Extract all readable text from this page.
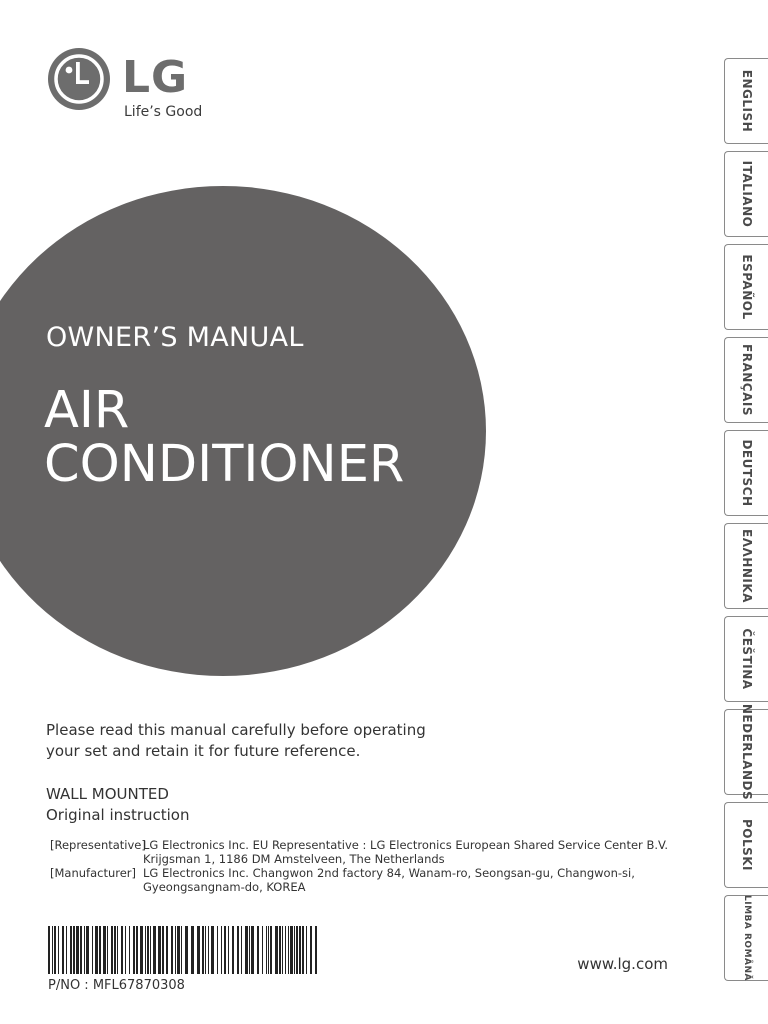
LG
Life’s Good
OWNER’S MANUAL
AIR
CONDITIONER
Please read this manual carefully before operating
your set and retain it for future reference.
WALL MOUNTED
Original instruction
[Representative]
LG Electronics Inc. EU Representative : LG Electronics European Shared Service Center B.V.
Krijgsman 1, 1186 DM Amstelveen, The Netherlands
[Manufacturer] LG Electronics Inc. Changwon 2nd factory 84, Wanam-ro, Seongsan-gu, Changwon-si,
Gyeongsangnam-do, KOREA
P/NO : MFL67870308
www.lg.com
ENGLISH
ITALIANO
ESPAÑOL
FRANÇAIS
DEUTSCH
ΕΛΛΗΝΙΚΑ
ČEŠTINA
NEDERLANDS
POLSKI
LIMBA ROMÂNĂ
